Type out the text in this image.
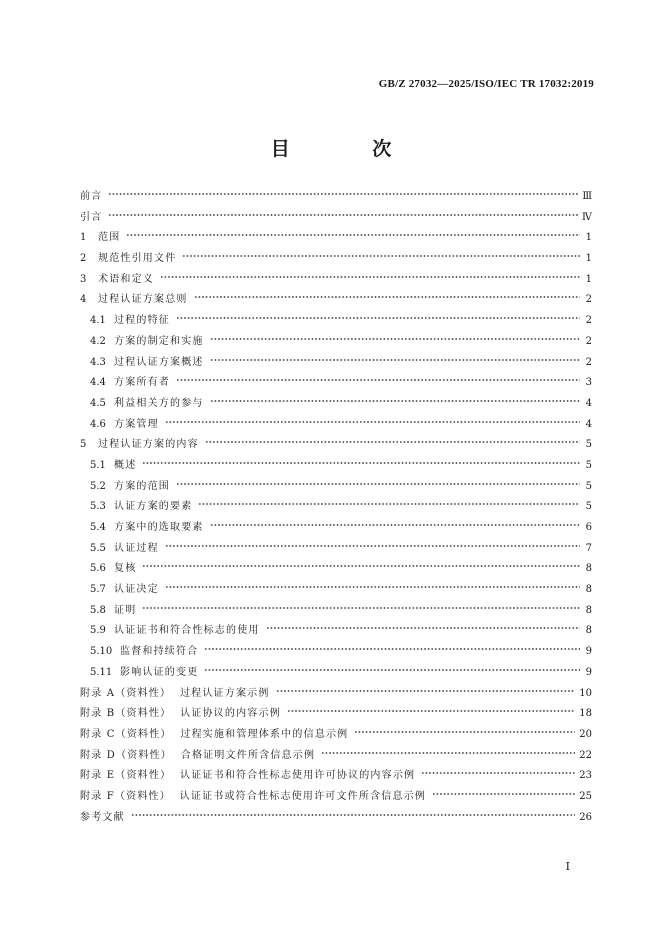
GB/Z 27032—2025/ISO/IEC TR 17032:2019
目 次
前言	Ⅲ
引言	Ⅳ
1	范围	1
2	规范性引用文件	1
3	术语和定义	1
4	过程认证方案总则	2
4.1 过程的特征	2
4.2 方案的制定和实施	2
4.3 过程认证方案概述	2
4.4 方案所有者	3
4.5 利益相关方的参与	4
4.6 方案管理	4
5	过程认证方案的内容	5
5.1 概述	5
5.2 方案的范围	5
5.3 认证方案的要素	5
5.4 方案中的选取要素	6
5.5 认证过程	7
5.6 复核	8
5.7 认证决定	8
5.8 证明	8
5.9 认证证书和符合性标志的使用	8
5.10 监督和持续符合	9
5.11 影响认证的变更	9
附录 A（资料性）  过程认证方案示例	10
附录 B（资料性）  认证协议的内容示例	18
附录 C（资料性）  过程实施和管理体系中的信息示例	20
附录 D（资料性）  合格证明文件所含信息示例	22
附录 E（资料性）  认证证书和符合性标志使用许可协议的内容示例	23
附录 F（资料性）  认证证书或符合性标志使用许可文件所含信息示例	25
参考文献	26
I
